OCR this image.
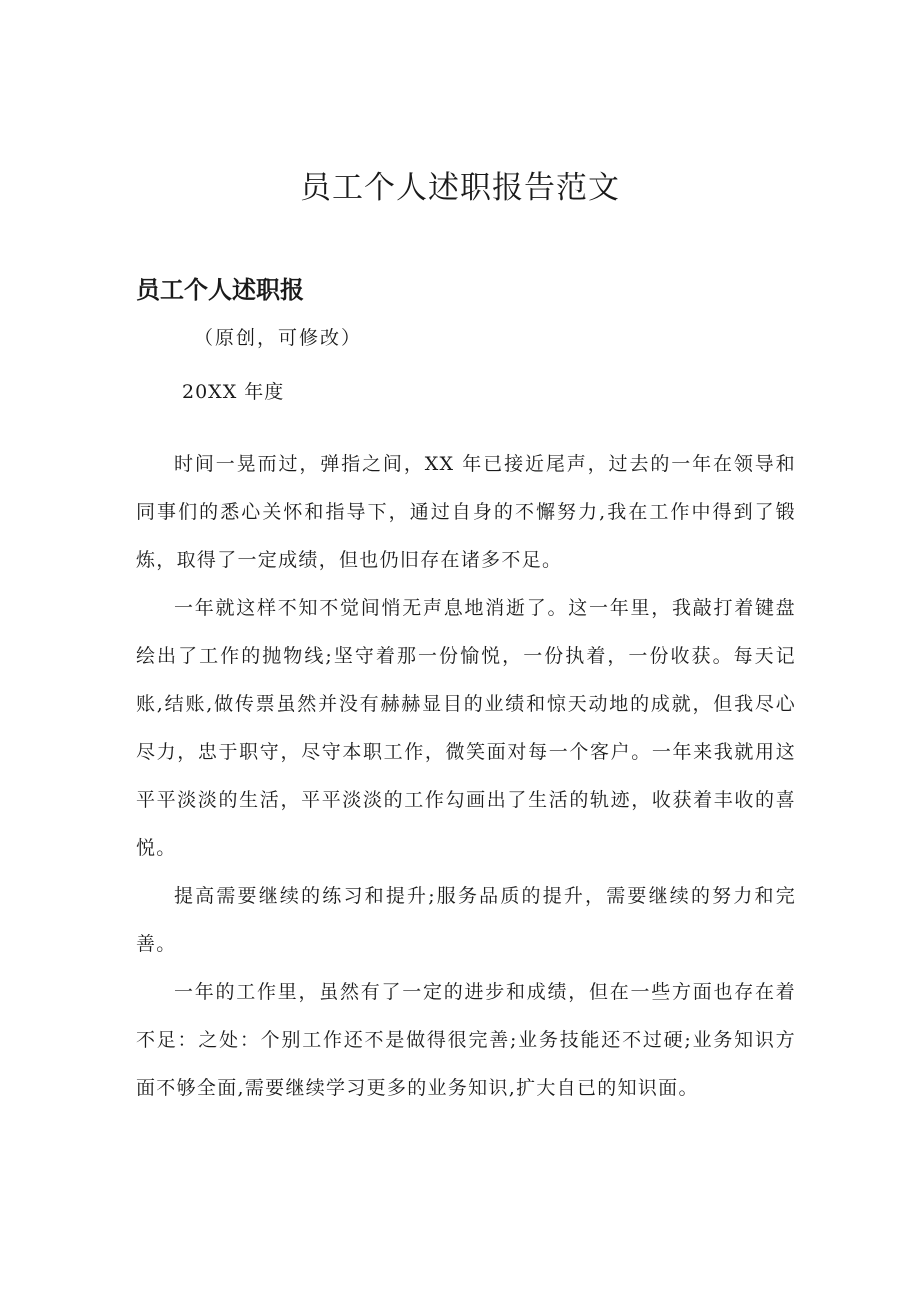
员工个人述职报告范文
员工个人述职报
（原创，可修改）
20XX 年度

时间一晃而过，弹指之间，XX 年已接近尾声，过去的一年在领导和同事们的悉心关怀和指导下，通过自身的不懈努力,我在工作中得到了锻炼，取得了一定成绩，但也仍旧存在诸多不足。

一年就这样不知不觉间悄无声息地消逝了。这一年里，我敲打着键盘绘出了工作的抛物线;坚守着那一份愉悦，一份执着，一份收获。每天记账,结账,做传票虽然并没有赫赫显目的业绩和惊天动地的成就，但我尽心尽力，忠于职守，尽守本职工作，微笑面对每一个客户。一年来我就用这平平淡淡的生活，平平淡淡的工作勾画出了生活的轨迹，收获着丰收的喜悦。

提高需要继续的练习和提升;服务品质的提升，需要继续的努力和完善。

一年的工作里，虽然有了一定的进步和成绩，但在一些方面也存在着不足：之处：个别工作还不是做得很完善;业务技能还不过硬;业务知识方面不够全面,需要继续学习更多的业务知识,扩大自已的知识面。
